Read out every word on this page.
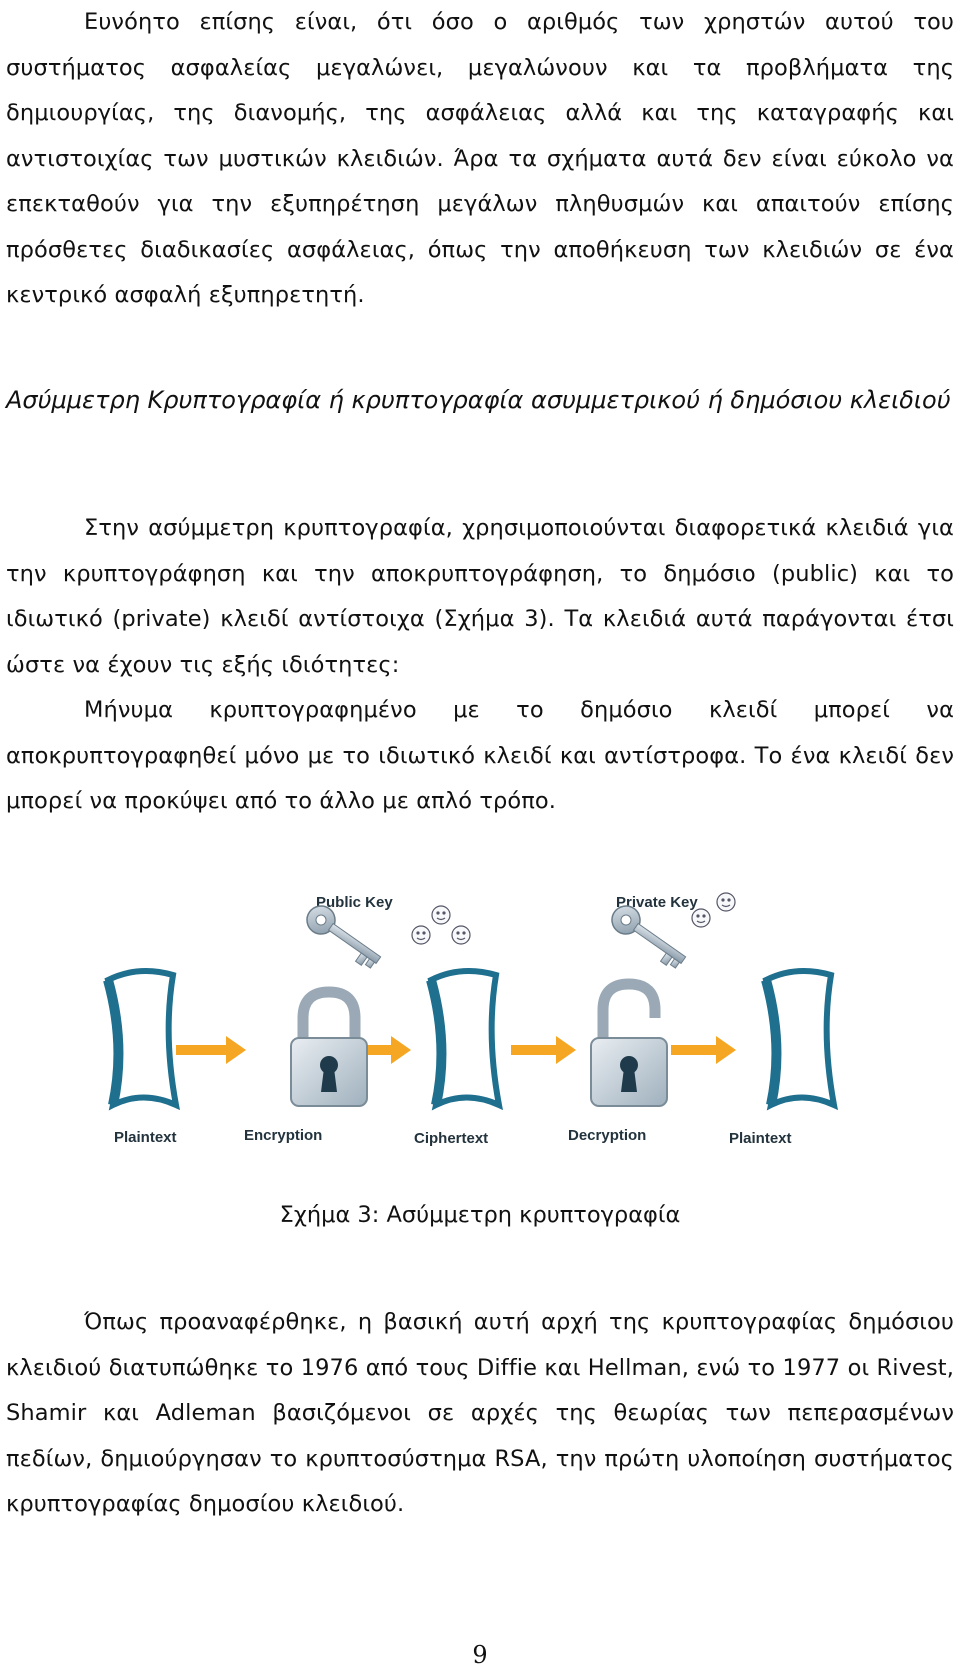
Ευνόητο επίσης είναι, ότι όσο ο αριθμός των χρηστών αυτού του συστήματος ασφαλείας μεγαλώνει, μεγαλώνουν και τα προβλήματα της δημιουργίας, της διανομής, της ασφάλειας αλλά και της καταγραφής και αντιστοιχίας των μυστικών κλειδιών. Άρα τα σχήματα αυτά δεν είναι εύκολο να επεκταθούν για την εξυπηρέτηση μεγάλων πληθυσμών και απαιτούν επίσης πρόσθετες διαδικασίες ασφάλειας, όπως την αποθήκευση των κλειδιών σε ένα κεντρικό ασφαλή εξυπηρετητή.

Ασύμμετρη Κρυπτογραφία ή κρυπτογραφία ασυμμετρικού ή δημόσιου κλειδιού

Στην ασύμμετρη κρυπτογραφία, χρησιμοποιούνται διαφορετικά κλειδιά για την κρυπτογράφηση και την αποκρυπτογράφηση, το δημόσιο (public) και το ιδιωτικό (private) κλειδί αντίστοιχα (Σχήμα 3). Τα κλειδιά αυτά παράγονται έτσι ώστε να έχουν τις εξής ιδιότητες:

Μήνυμα κρυπτογραφημένο με το δημόσιο κλειδί μπορεί να αποκρυπτογραφηθεί μόνο με το ιδιωτικό κλειδί και αντίστροφα. Το ένα κλειδί δεν μπορεί να προκύψει από το άλλο με απλό τρόπο.

Public Key	Private Key
Plaintext	Encryption	Ciphertext	Decryption	Plaintext

Σχήμα 3: Ασύμμετρη κρυπτογραφία

Όπως προαναφέρθηκε, η βασική αυτή αρχή της κρυπτογραφίας δημόσιου κλειδιού διατυπώθηκε το 1976 από τους Diffie και Hellman, ενώ το 1977 οι Rivest, Shamir και Adleman βασιζόμενοι σε αρχές της θεωρίας των πεπερασμένων πεδίων, δημιούργησαν το κρυπτοσύστημα RSA, την πρώτη υλοποίηση συστήματος κρυπτογραφίας δημοσίου κλειδιού.

9
